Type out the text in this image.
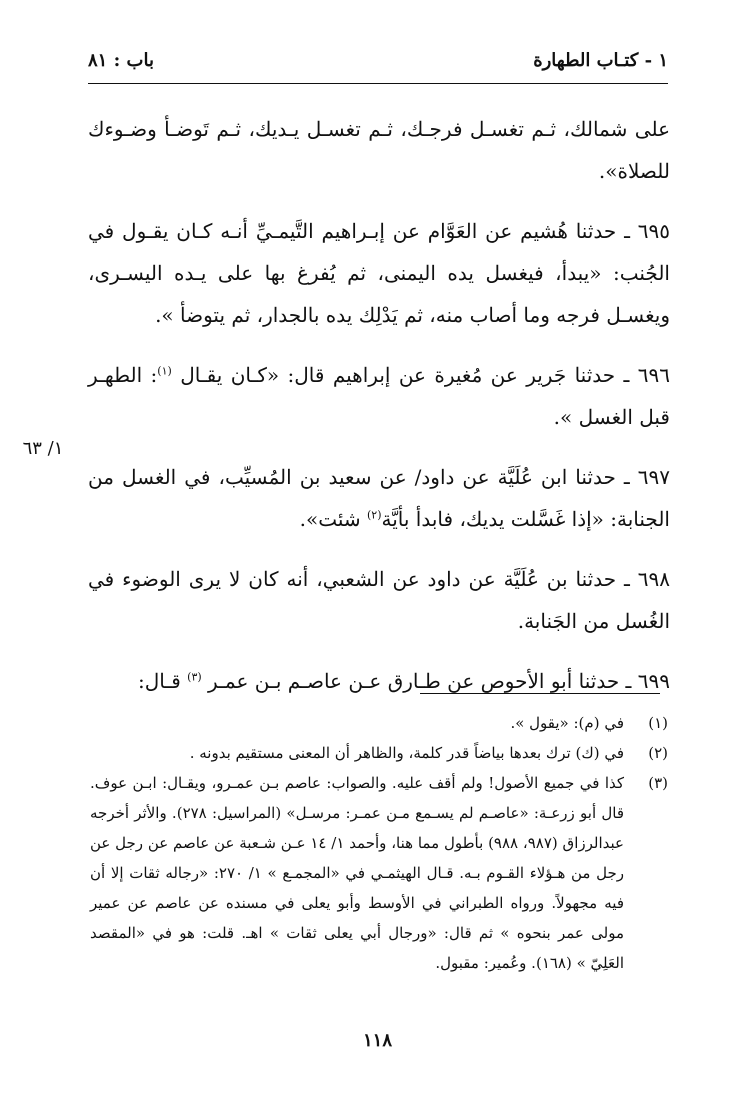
١ - كتـاب الطهارة
باب : ٨١

على شمالك، ثـم تغسـل فرجـك، ثـم تغسـل يـديك، ثـم تَوضـأ وضـوءك للصلاة».

٦٩٥ ـ حدثنا هُشيم عن العَوَّام عن إبـراهيم التَّيمـيِّ أنـه كـان يقـول في الجُنب: «يبدأ، فيغسل يده اليمنى، ثم يُفرغ بها على يـده اليسـرى، ويغسـل فرجه وما أصاب منه، ثم يَدْلِك يده بالجدار، ثم يتوضأ ».

٦٩٦ ـ حدثنا جَرير عن مُغيرة عن إبراهيم قال: «كـان يقـال $^{(١)}$: الطهـر قبل الغسل ».

٦٩٧ ـ حدثنا ابن عُلَيَّة عن داود/ عن سعيد بن المُسيِّب، في الغسل من الجنابة: «إذا غَسَّلت يديك، فابدأ بأيَّة$^{(٢)}$ شئت».

٦٩٨ ـ حدثنا بن عُلَيَّة عن داود عن الشعبي، أنه كان لا يرى الوضوء في الغُسل من الجَنابة.

٦٩٩ ـ حدثنا أبو الأحوص عن طـارق عـن عاصـم بـن عمـر $^{(٣)}$ قـال:

١/ ٦٣
(١)
في (م): «يقول ».
(٢)
في (ك) ترك بعدها بياضاً قدر كلمة، والظاهر أن المعنى مستقيم بدونه .
(٣)
كذا في جميع الأصول! ولم أقف عليه. والصواب: عاصم بـن عمـرو، ويقـال: ابـن عوف. قال أبو زرعـة: «عاصـم لم يسـمع مـن عمـر: مرسـل» (المراسيل: ٢٧٨). والأثر أخرجه عبدالرزاق (٩٨٧، ٩٨٨) بأطول مما هنا، وأحمد ١/ ١٤ عـن شـعبة عن عاصم عن رجل عن رجل من هـؤلاء القـوم بـه. قـال الهيثمـي في «المجمـع » ١/ ٢٧٠: «رجاله ثقات إلا أن فيه مجهولاً. ورواه الطبراني في الأوسط وأبو يعلى في مسنده عن عاصم عن عمير مولى عمر بنحوه » ثم قال: «ورجال أبي يعلى ثقات » اهـ. قلت: هو في «المقصد العَلِيّ » (١٦٨). وعُمير: مقبول.
١١٨
